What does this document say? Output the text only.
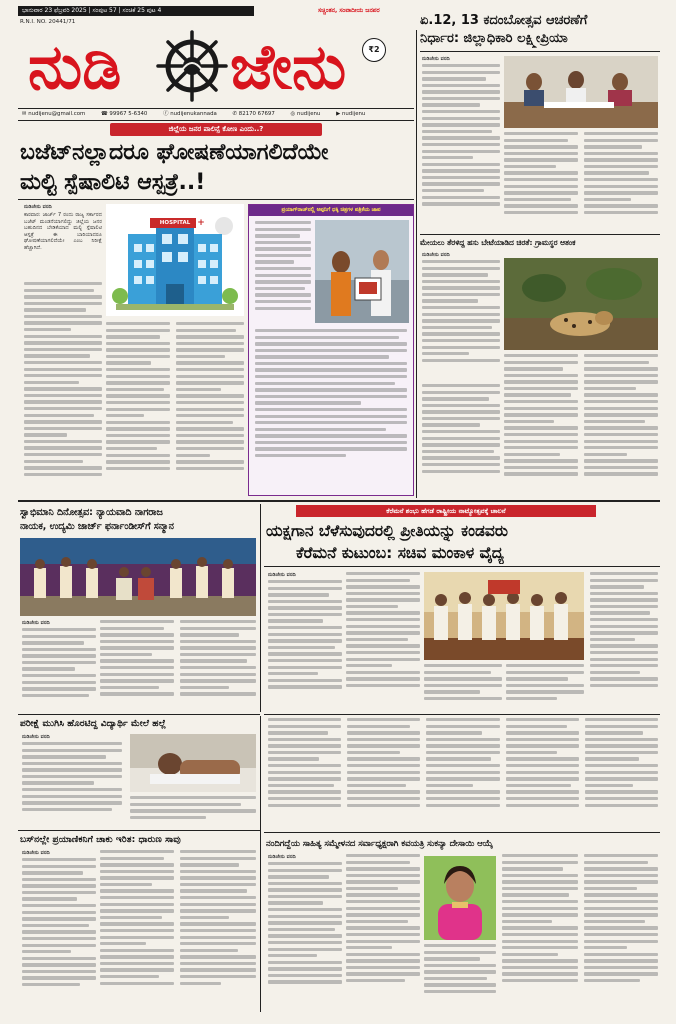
ಭಾನುವಾರ 23 ಫೆಬ್ರವರಿ 2025 | ಸಂಪುಟ 57 | ಸಂಚಿಕೆ 25 ಪುಟ 4	ಸಚ್ಚಿಂತನ, ಸಂವಾದೀಯ ಜನಪರ
R.N.I. NO. 20441/71
ನುಡಿ ಜೇನು	₹2
✉ nudijenu@gmail.com	☎ 99967 5-6340	ⓕ nudijenukannada	✆ 82170 67697	◎ nudijenu	▶ nudijenu
ಜಿಲ್ಲೆಯ ಜನರ ಪಾಲಿನ್ಸೆ ಕೋಣ ಎಂದು..?
ಬಜೆಟ್‌ನಲ್ಲಾದರೂ ಘೋಷಣೆಯಾಗಲಿದೆಯೇ
ಮಲ್ಟಿ ಸ್ಪೆಷಾಲಿಟಿ ಆಸ್ಪತ್ರೆ..!
ನುಡಿಜೇನು ವರದಿ
ಕಾರವಾರ: ಜಾರ್ಜ್ 7 ರಂದು ರಾಜ್ಯ ಸರ್ಕಾರದ ಬಜೆಟ್ ಮಂಡನೆಯಾಗಲಿದ್ದು ಜಿಲ್ಲೆಯ ಜನರ ಬಹುದಿನದ ಬೇಡಿಕೆಯಾದ ಮಲ್ಟಿ ಸ್ಪೆಷಾಲಿಟಿ ಆಸ್ಪತ್ರೆ ಈ ಬಾರಿಯಾದರೂ ಘೋಷಣೆಯಾಗಲಿದೆಯೇ ಎಂಬ ನಿರೀಕ್ಷೆ ಹೆಚ್ಚಾಗಿದೆ.
HOSPITAL +
ಪ್ರಯಾಗ್‌ರಾಜ್‌ನಲ್ಲಿ ಅಪ್ಪನಿಗೆ ಧಕ್ಕಿ ಚಿತ್ರಗಳ ಪತ್ರಿಕೆಯ ಜಾಪ
ಏ.12, 13 ಕದಂಬೋತ್ಸವ ಆಚರಣೆಗೆ
ನಿರ್ಧಾರ: ಜಿಲ್ಲಾಧಿಕಾರಿ ಲಕ್ಷ್ಮೀಪ್ರಿಯಾ
ನುಡಿಜೇನು ವರದಿ
ಮೇಯಲು ತೆರಳಿದ್ದ ಹಸು ಬೇಟೆಯಾಡಿದ ಚಿರತೆ: ಗ್ರಾಮಸ್ಥರ ಆತಂಕ
ನುಡಿಜೇನು ವರದಿ
ಸ್ವಾಭಿಮಾನಿ ದಿನೋತ್ಸವ: ನ್ಯಾಯವಾದಿ ನಾಗರಾಜ
ನಾಯಕ, ಉದ್ಯಮಿ ಜಾರ್ಜ್ ಫರ್ನಾಂಡೀಸ್‌ಗೆ ಸನ್ಮಾನ
ನುಡಿಜೇನು ವರದಿ
ಕೆರೆಮನೆ ಶಂಭು ಹೆಗಡೆ ರಾಷ್ಟ್ರೀಯ ನಾಟ್ಯೋತ್ಸವಕ್ಕೆ ಚಾಲನೆ
ಯಕ್ಷಗಾನ ಬೆಳೆಸುವುದರಲ್ಲಿ ಪ್ರೀತಿಯನ್ನು ಕಂಡವರು
ಕೆರೆಮನೆ ಕುಟುಂಬ: ಸಚಿವ ಮಂಕಾಳ ವೈದ್ಯ
ನುಡಿಜೇನು ವರದಿ
ಪರೀಕ್ಷೆ ಮುಗಿಸಿ ಹೊರಟಿದ್ದ ವಿದ್ಯಾರ್ಥಿ ಮೇಲೆ ಹಲ್ಲೆ
ನುಡಿಜೇನು ವರದಿ
ಬಸ್‌ನಲ್ಲೇ ಪ್ರಯಾಣಿಕನಿಗೆ ಚಾಕು ಇರಿತ: ಧಾರುಣ ಸಾವು
ನುಡಿಜೇನು ವರದಿ
ನಂದಿಗದ್ದೆಯ ಸಾಹಿತ್ಯ ಸಮ್ಮೇಳನದ ಸರ್ವಾಧ್ಯಕ್ಷರಾಗಿ ಕವಯತ್ರಿ ಸುಕನ್ಯಾ ದೇಸಾಯಿ ಆಯ್ಕೆ
ನುಡಿಜೇನು ವರದಿ
